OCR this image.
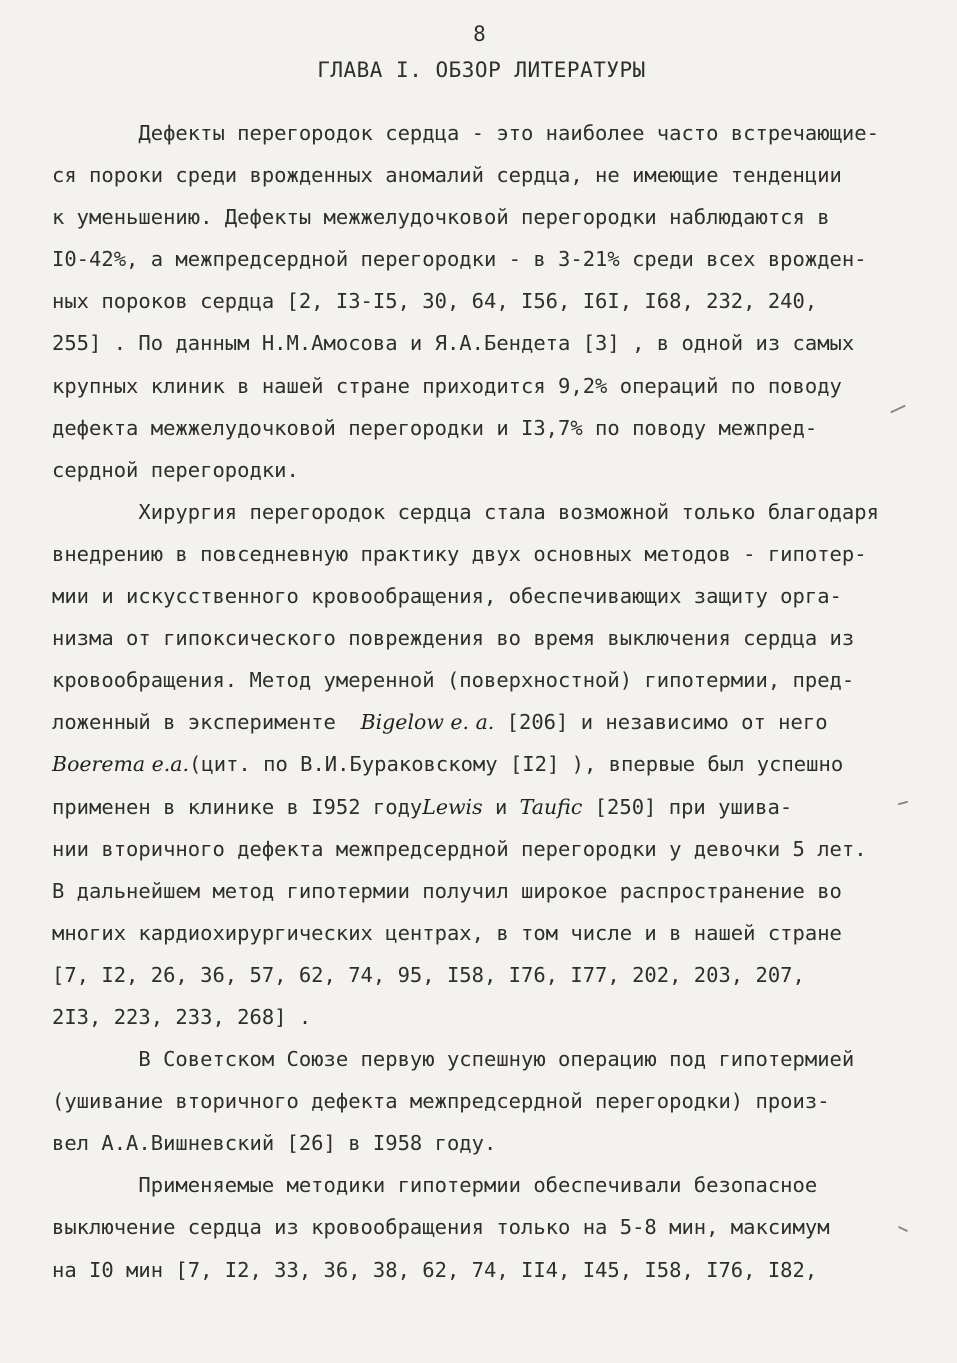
8
ГЛАВА I. ОБЗОР ЛИТЕРАТУРЫ
Дефекты перегородок сердца - это наиболее часто встречающие-
ся пороки среди врожденных аномалий сердца, не имеющие тенденции
к уменьшению. Дефекты межжелудочковой перегородки наблюдаются в
I0-42%, а межпредсердной перегородки - в 3-21% среди всех врожден-
ных пороков сердца [2, I3-I5, 30, 64, I56, I6I, I68, 232, 240,
255] . По данным Н.М.Амосова и Я.А.Бендета [3] , в одной из самых
крупных клиник в нашей стране приходится 9,2% операций по поводу
дефекта межжелудочковой перегородки и I3,7% по поводу межпред-
сердной перегородки.
Хирургия перегородок сердца стала возможной только благодаря
внедрению в повседневную практику двух основных методов - гипотер-
мии и искусственного кровообращения, обеспечивающих защиту орга-
низма от гипоксического повреждения во время выключения сердца из
кровообращения. Метод умеренной (поверхностной) гипотермии, пред-
ложенный в эксперименте Bigelow e. a. [206] и независимо от него
Boerema e.a.(цит. по В.И.Бураковскому [I2] ), впервые был успешно
применен в клинике в I952 годуLewis и Taufic [250] при ушива-
нии вторичного дефекта межпредсердной перегородки у девочки 5 лет.
В дальнейшем метод гипотермии получил широкое распространение во
многих кардиохирургических центрах, в том числе и в нашей стране
[7, I2, 26, 36, 57, 62, 74, 95, I58, I76, I77, 202, 203, 207,
2I3, 223, 233, 268] .
В Советском Союзе первую успешную операцию под гипотермией
(ушивание вторичного дефекта межпредсердной перегородки) произ-
вел А.А.Вишневский [26] в I958 году.
Применяемые методики гипотермии обеспечивали безопасное
выключение сердца из кровообращения только на 5-8 мин, максимум
на I0 мин [7, I2, 33, 36, 38, 62, 74, II4, I45, I58, I76, I82,
